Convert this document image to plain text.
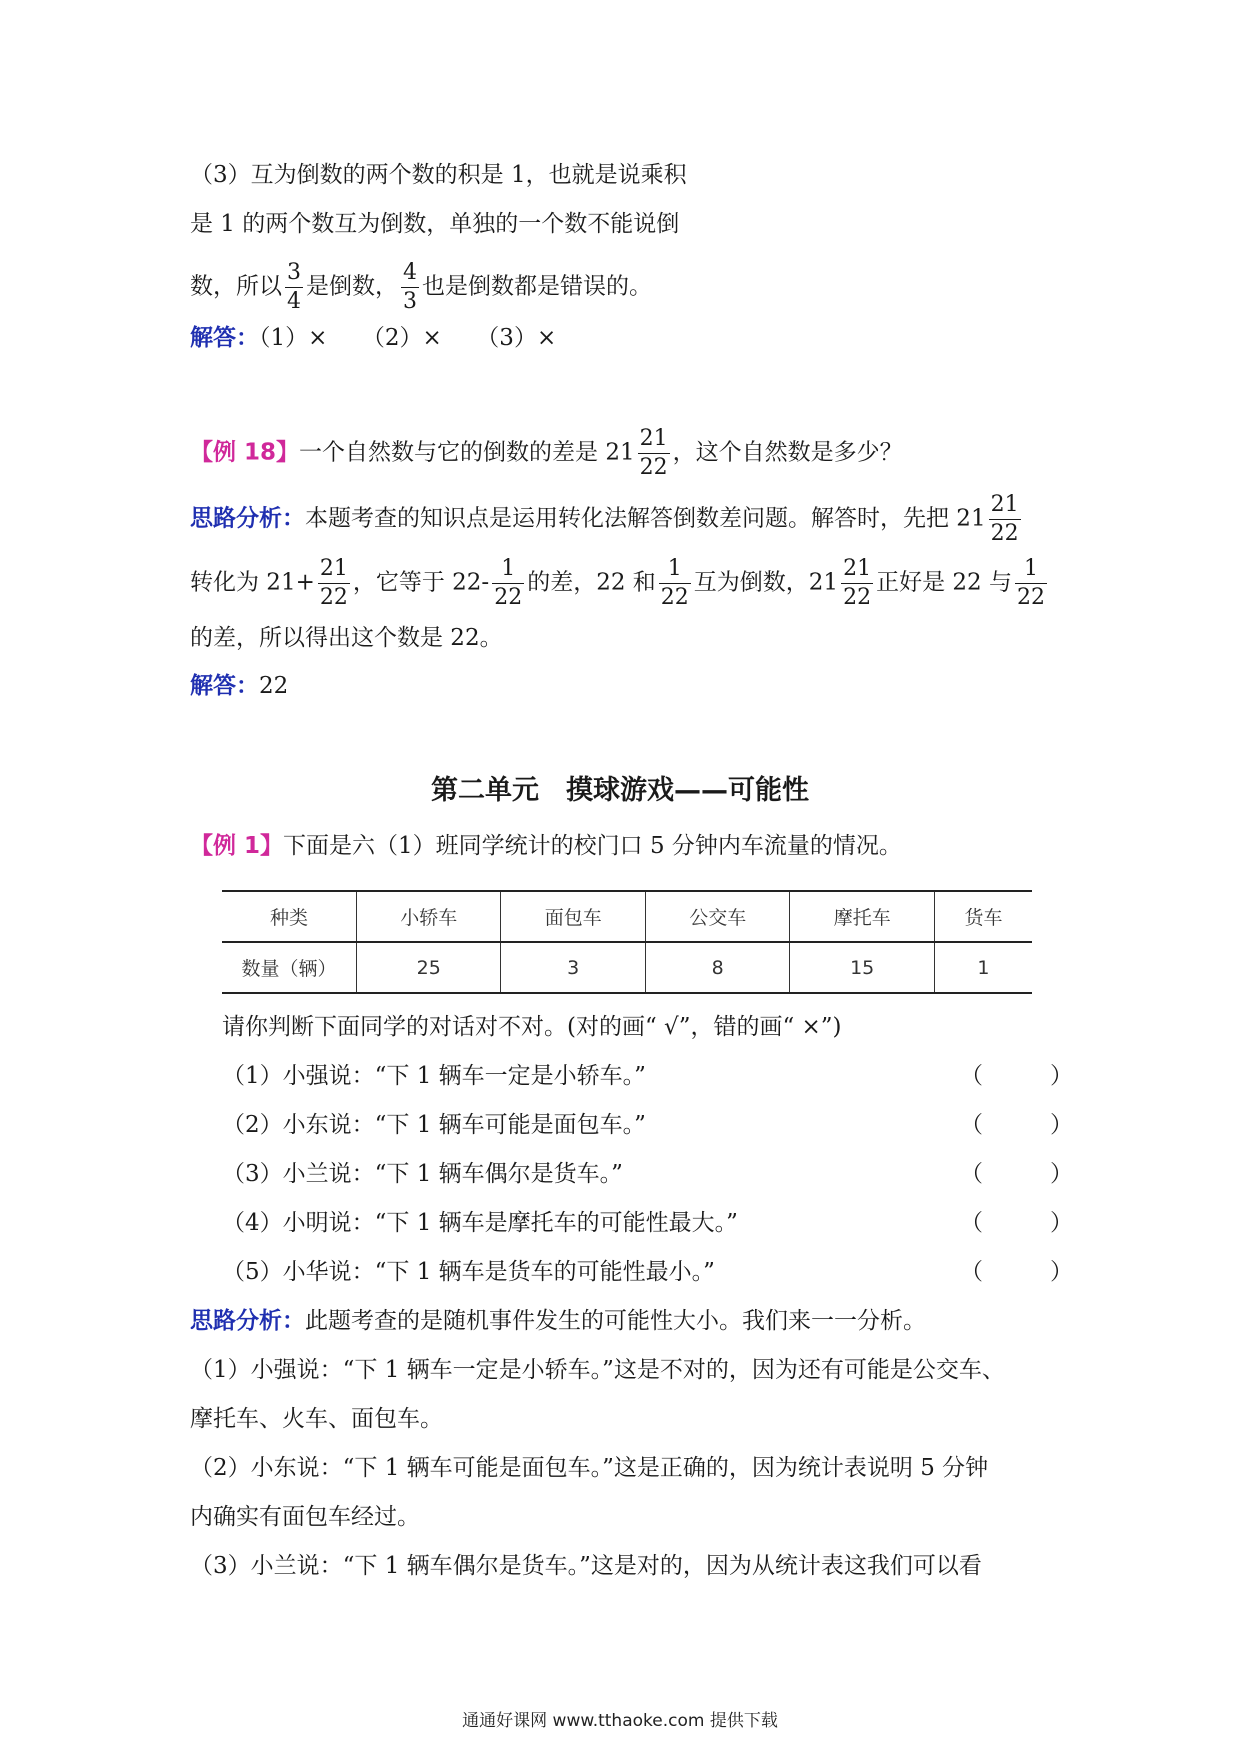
（3）互为倒数的两个数的积是 1，也就是说乘积
是 1 的两个数互为倒数，单独的一个数不能说倒
数，所以 $\frac{3}{4}$ 是倒数， $\frac{4}{3}$ 也是倒数都是错误的。
解答：（1）×　　（2）×　　（3）×
【例 18】一个自然数与它的倒数的差是 $21 \frac{21}{22}$ ，这个自然数是多少？
思路分析：本题考查的知识点是运用转化法解答倒数差问题。解答时，先把 $21 \frac{21}{22}$
转化为 $21+ \frac{21}{22}$ ，它等于 $22- \frac{1}{22}$ 的差，22 和 $\frac{1}{22}$ 互为倒数，$21 \frac{21}{22}$ 正好是 22 与 $\frac{1}{22}$
的差，所以得出这个数是 22。
解答：22
第二单元　摸球游戏——可能性
【例 1】下面是六（1）班同学统计的校门口 5 分钟内车流量的情况。
种类	小轿车	面包车	公交车	摩托车	货车
数量（辆）	25	3	8	15	1
请你判断下面同学的对话对不对。(对的画“ √”，错的画“ ×”)
（1）小强说：“下 1 辆车一定是小轿车。”	（	）
（2）小东说：“下 1 辆车可能是面包车。”	（	）
（3）小兰说：“下 1 辆车偶尔是货车。”	（	）
（4）小明说：“下 1 辆车是摩托车的可能性最大。”	（	）
（5）小华说：“下 1 辆车是货车的可能性最小。”	（	）
思路分析：此题考查的是随机事件发生的可能性大小。我们来一一分析。
（1）小强说：“下 1 辆车一定是小轿车。”这是不对的，因为还有可能是公交车、
摩托车、火车、面包车。
（2）小东说：“下 1 辆车可能是面包车。”这是正确的，因为统计表说明 5 分钟
内确实有面包车经过。
（3）小兰说：“下 1 辆车偶尔是货车。”这是对的，因为从统计表这我们可以看
通通好课网 www.tthaoke.com 提供下载
